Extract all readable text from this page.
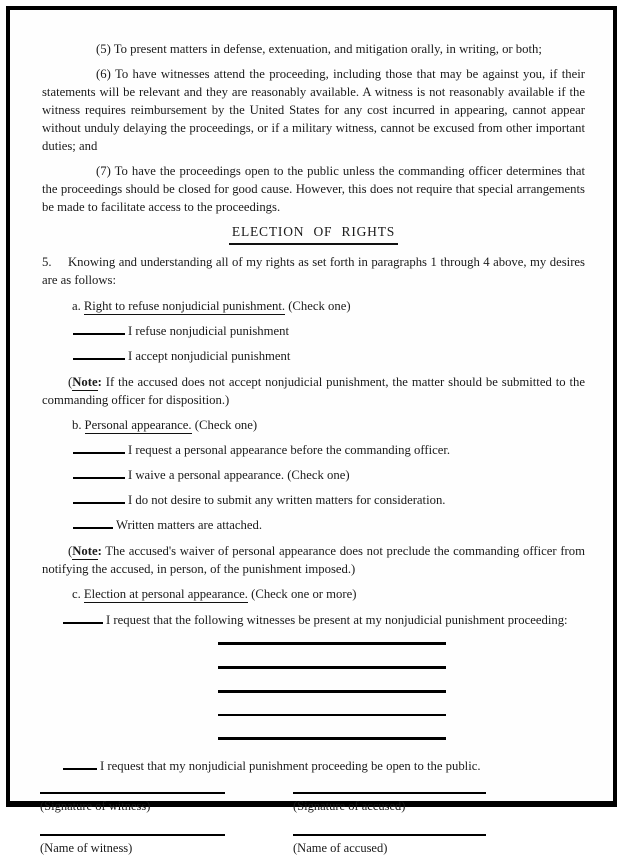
(5) To present matters in defense, extenuation, and mitigation orally, in writing, or both;

(6) To have witnesses attend the proceeding, including those that may be against you, if their statements will be relevant and they are reasonably available. A witness is not reasonably available if the witness requires reimbursement by the United States for any cost incurred in appearing, cannot appear without unduly delaying the proceedings, or if a military witness, cannot be excused from other important duties; and

(7) To have the proceedings open to the public unless the commanding officer determines that the proceedings should be closed for good cause. However, this does not require that special arrangements be made to facilitate access to the proceedings.

ELECTION OF RIGHTS

5. Knowing and understanding all of my rights as set forth in paragraphs 1 through 4 above, my desires are as follows:

a. Right to refuse nonjudicial punishment. (Check one)

I refuse nonjudicial punishment
I accept nonjudicial punishment

(Note: If the accused does not accept nonjudicial punishment, the matter should be submitted to the commanding officer for disposition.)

b. Personal appearance. (Check one)

I request a personal appearance before the commanding officer.
I waive a personal appearance. (Check one)
I do not desire to submit any written matters for consideration.
Written matters are attached.

(Note: The accused's waiver of personal appearance does not preclude the commanding officer from notifying the accused, in person, of the punishment imposed.)

c. Election at personal appearance. (Check one or more)

I request that the following witnesses be present at my nonjudicial punishment proceeding:
I request that my nonjudicial punishment proceeding be open to the public.
(Signature of witness)	(Signature of accused)
(Name of witness)	(Name of accused)
